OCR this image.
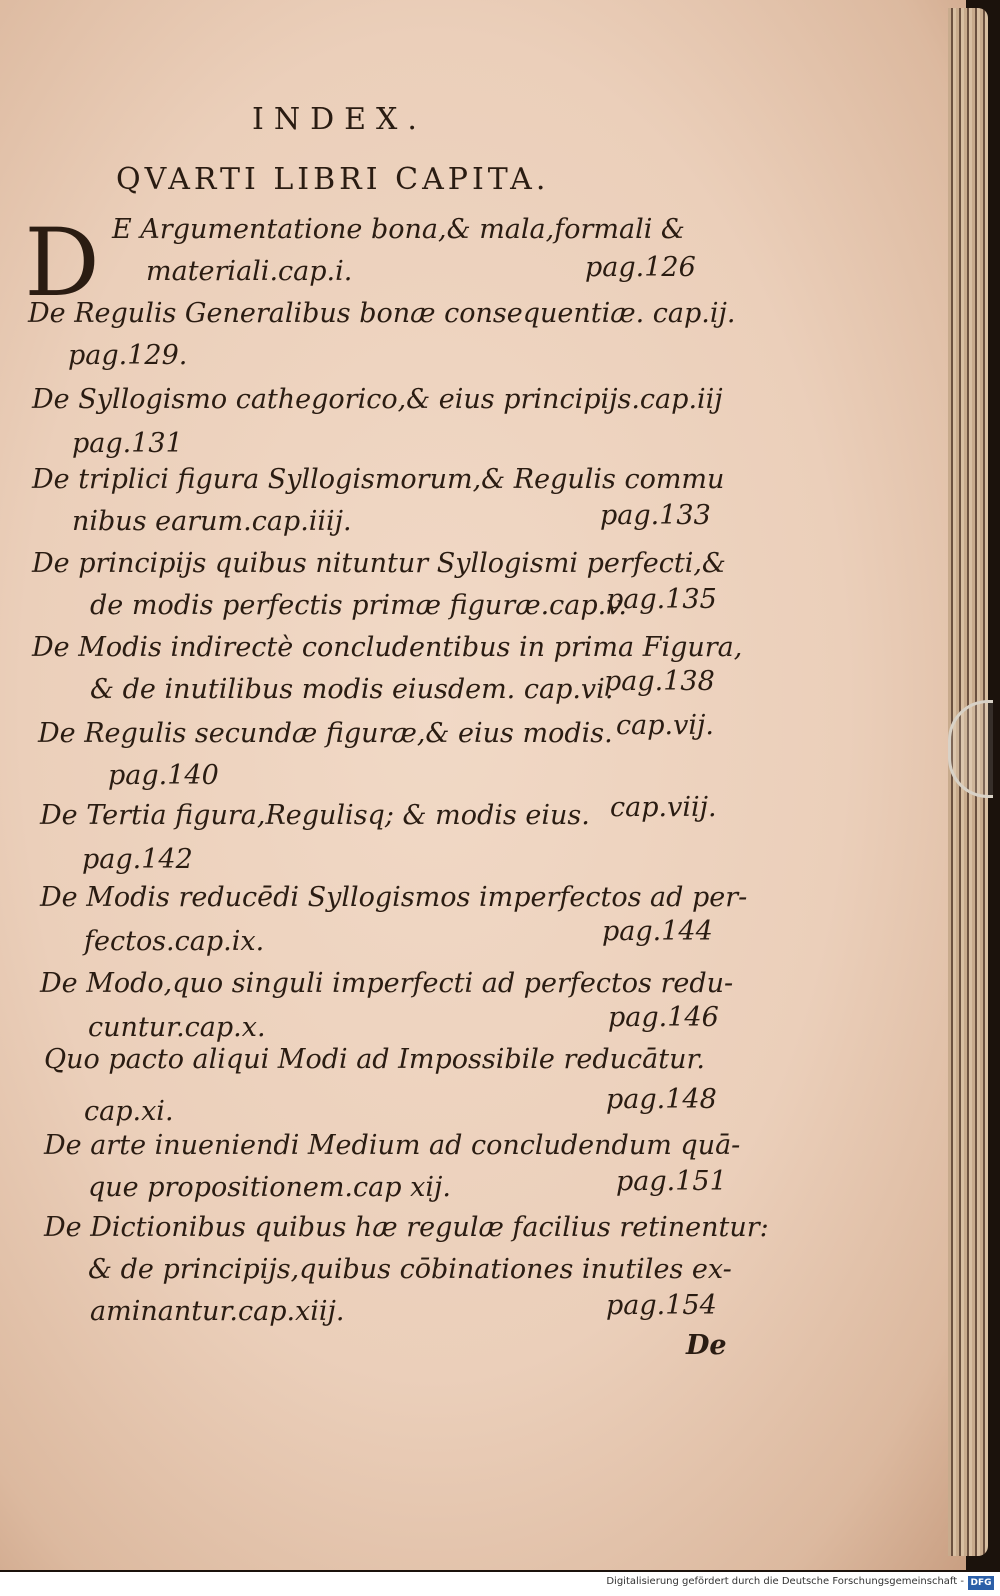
INDEX.
QVARTI LIBRI CAPITA.
D E Argumentatione bona,& mala,formali &
materiali.cap.i.	pag.126
De Regulis Generalibus bonæ consequentiæ. cap.ij.
pag.129.
De Syllogismo cathegorico,& eius principijs.cap.iij
pag.131
De triplici figura Syllogismorum,& Regulis commu
nibus earum.cap.iiij.	pag.133
De principijs quibus nituntur Syllogismi perfecti,&
de modis perfectis primæ figuræ.cap.v.
pag.135
De Modis indirectè concludentibus in prima Figura,
& de inutilibus modis eiusdem. cap.vi.
pag.138
De Regulis secundæ figuræ,& eius modis. cap.vij.
pag.140
De Tertia figura,Regulisq; & modis eius. cap.viij.
pag.142
De Modis reducēdi Syllogismos imperfectos ad per-
fectos.cap.ix.	pag.144
De Modo,quo singuli imperfecti ad perfectos redu-
cuntur.cap.x.	pag.146
Quo pacto aliqui Modi ad Impossibile reducātur.
cap.xi.	pag.148
De arte inueniendi Medium ad concludendum quā-
que propositionem.cap xij.	pag.151
De Dictionibus quibus hæ regulæ facilius retinentur:
& de principijs,quibus cōbinationes inutiles ex-
aminantur.cap.xiij.	pag.154
De
Digitalisierung gefördert durch die Deutsche Forschungsgemeinschaft - DFG
